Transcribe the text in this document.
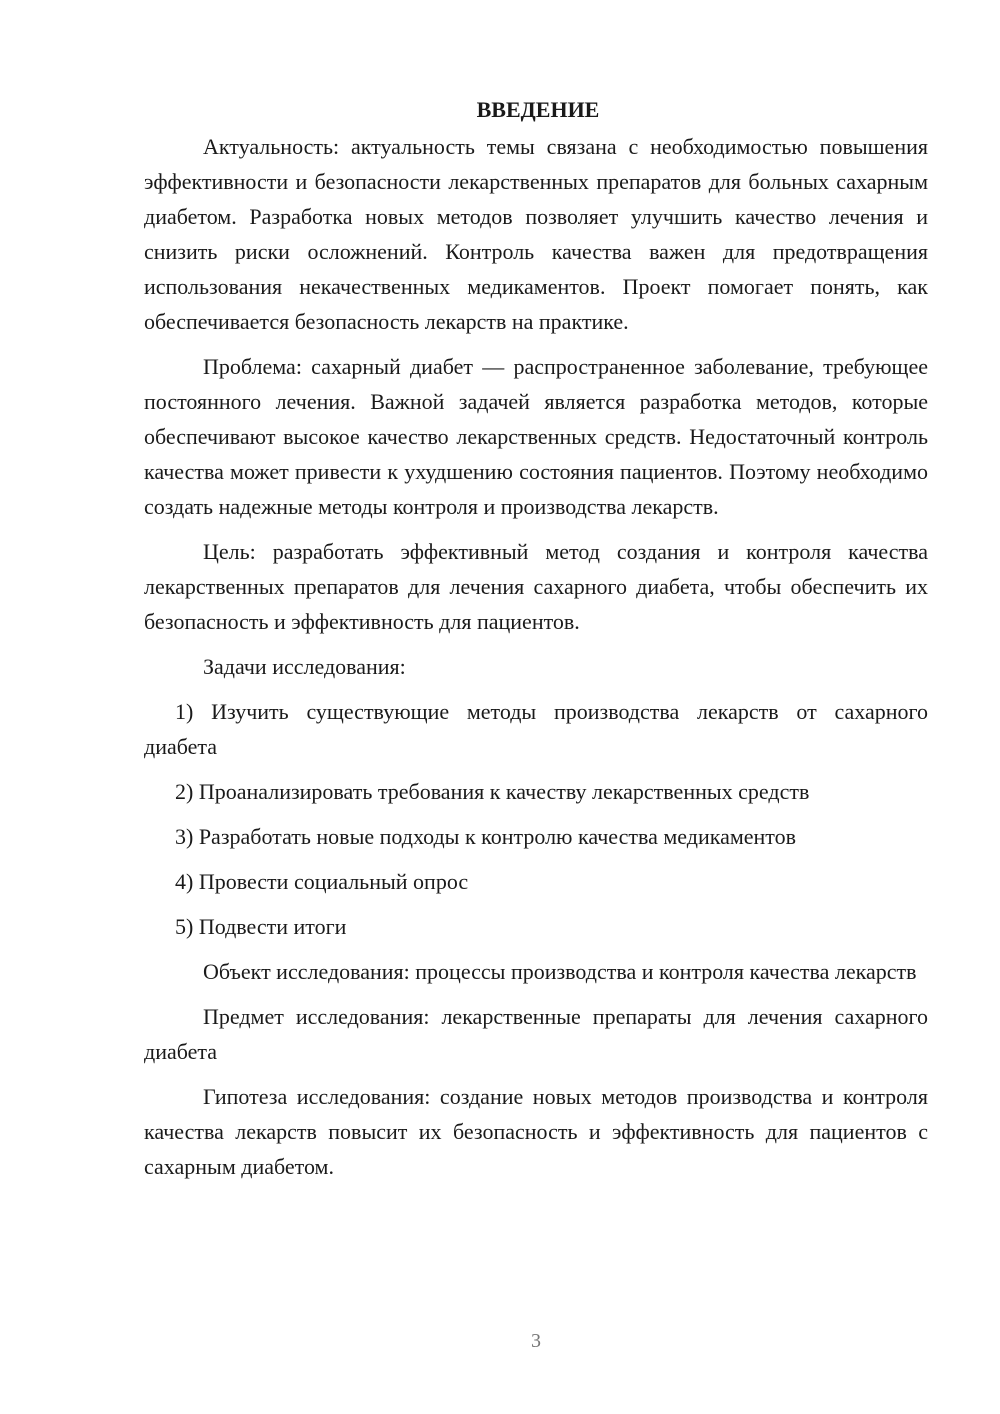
ВВЕДЕНИЕ

Актуальность: актуальность темы связана с необходимостью повышения эффективности и безопасности лекарственных препаратов для больных сахарным диабетом. Разработка новых методов позволяет улучшить качество лечения и снизить риски осложнений. Контроль качества важен для предотвращения использования некачественных медикаментов. Проект помогает понять, как обеспечивается безопасность лекарств на практике.

Проблема: сахарный диабет — распространенное заболевание, требующее постоянного лечения. Важной задачей является разработка методов, которые обеспечивают высокое качество лекарственных средств. Недостаточный контроль качества может привести к ухудшению состояния пациентов. Поэтому необходимо создать надежные методы контроля и производства лекарств.

Цель: разработать эффективный метод создания и контроля качества лекарственных препаратов для лечения сахарного диабета, чтобы обеспечить их безопасность и эффективность для пациентов.

Задачи исследования:

1) Изучить существующие методы производства лекарств от сахарного диабета

2) Проанализировать требования к качеству лекарственных средств

3) Разработать новые подходы к контролю качества медикаментов

4) Провести социальный опрос

5) Подвести итоги

Объект исследования: процессы производства и контроля качества лекарств

Предмет исследования: лекарственные препараты для лечения сахарного диабета

Гипотеза исследования: создание новых методов производства и контроля качества лекарств повысит их безопасность и эффективность для пациентов с сахарным диабетом.

3
